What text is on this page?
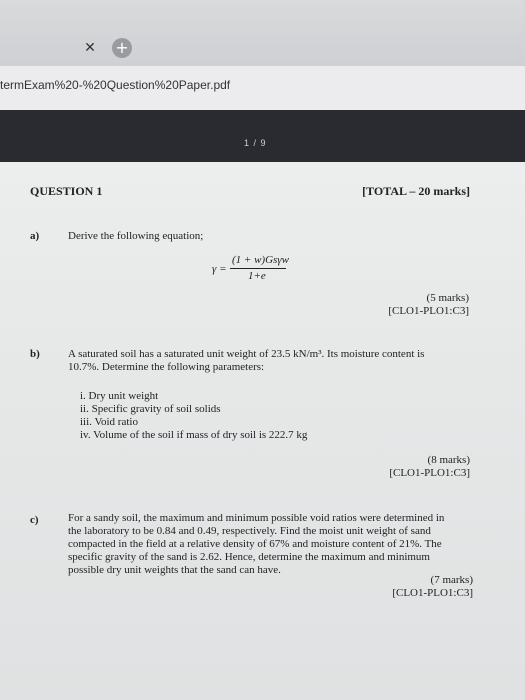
✕ +
termExam%20-%20Question%20Paper.pdf
1 / 9
QUESTION 1	[TOTAL – 20 marks]
a)	Derive the following equation;
γ =
(1 + w)Gsγw
1+e
(5 marks)
[CLO1-PLO1:C3]
b)	A saturated soil has a saturated unit weight of 23.5 kN/m³. Its moisture content is
10.7%. Determine the following parameters:
i. Dry unit weight
ii. Specific gravity of soil solids
iii. Void ratio
iv. Volume of the soil if mass of dry soil is 222.7 kg
(8 marks)
[CLO1-PLO1:C3]
c)	For a sandy soil, the maximum and minimum possible void ratios were determined in
the laboratory to be 0.84 and 0.49, respectively. Find the moist unit weight of sand
compacted in the field at a relative density of 67% and moisture content of 21%. The
specific gravity of the sand is 2.62. Hence, determine the maximum and minimum
possible dry unit weights that the sand can have.
(7 marks)
[CLO1-PLO1:C3]
